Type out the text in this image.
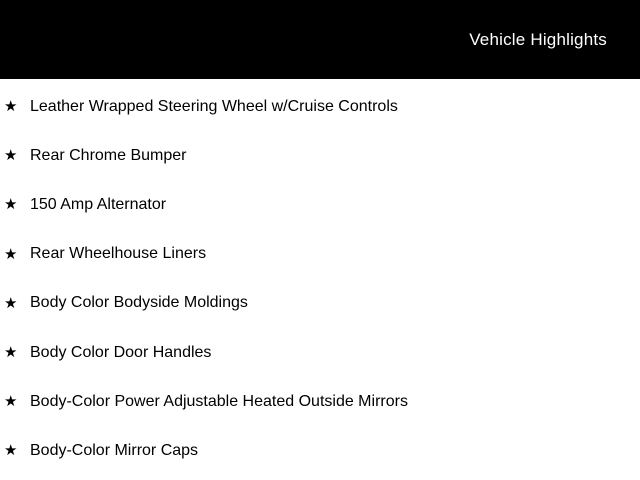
Vehicle Highlights
★ Leather Wrapped Steering Wheel w/Cruise Controls
★ Rear Chrome Bumper
★ 150 Amp Alternator
★ Rear Wheelhouse Liners
★ Body Color Bodyside Moldings
★ Body Color Door Handles
★ Body-Color Power Adjustable Heated Outside Mirrors
★ Body-Color Mirror Caps
